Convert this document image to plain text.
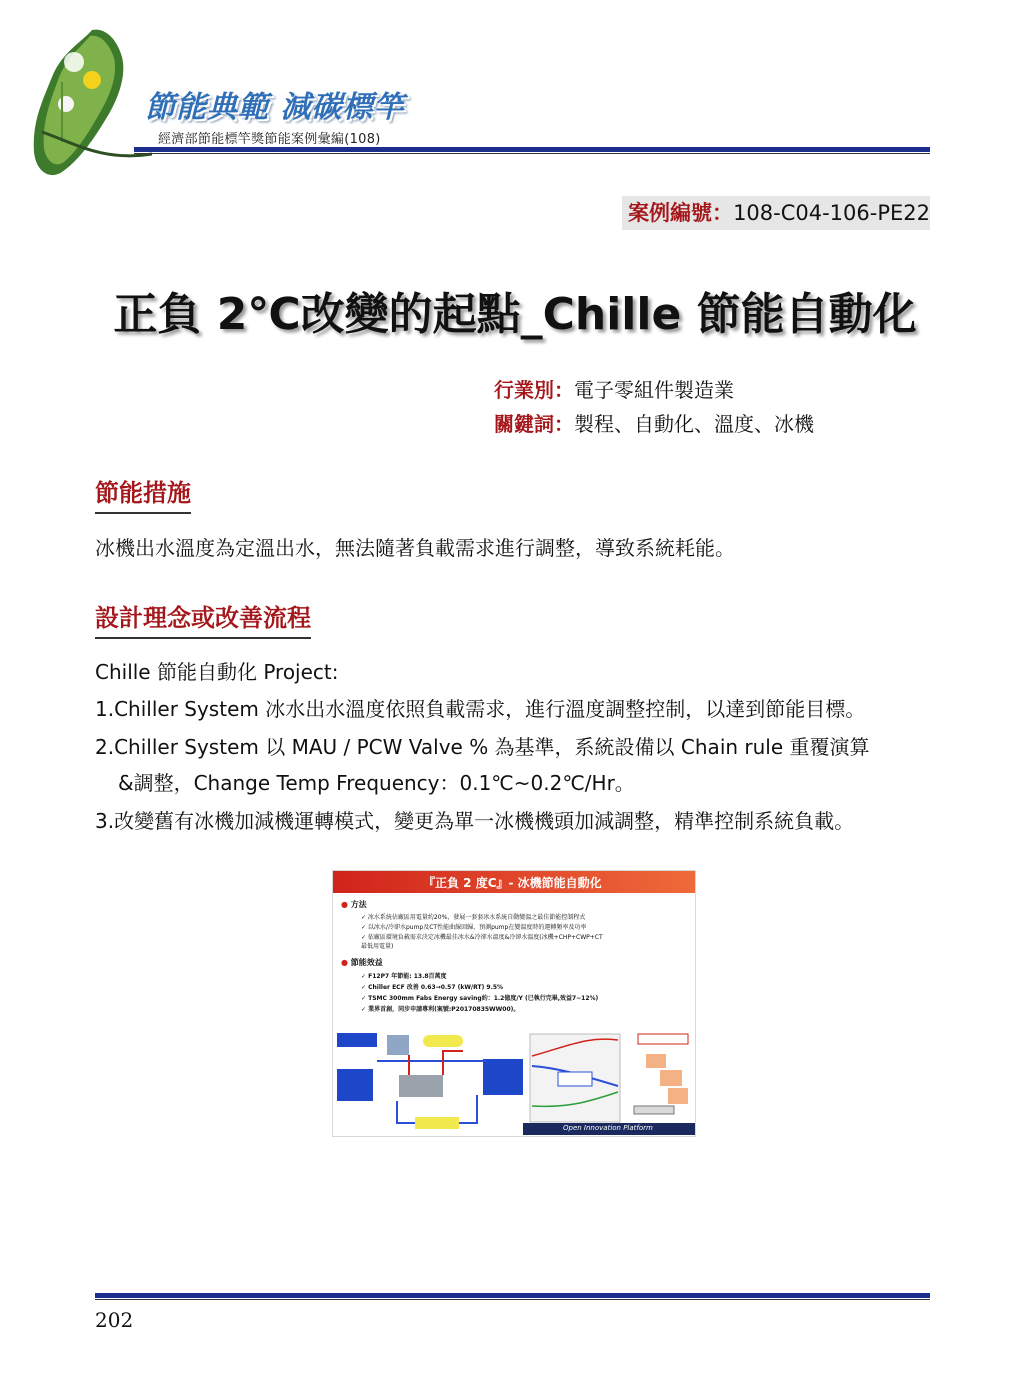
節能典範 減碳標竿
經濟部節能標竿獎節能案例彙編(108)
案例編號：108-C04-106-PE22
正負 2℃改變的起點_Chille 節能自動化
行業別：電子零組件製造業
關鍵詞：製程、自動化、溫度、冰機
節能措施
冰機出水溫度為定溫出水，無法隨著負載需求進行調整，導致系統耗能。
設計理念或改善流程
Chille 節能自動化 Project:
1.Chiller System 冰水出水溫度依照負載需求，進行溫度調整控制，以達到節能目標。
2.Chiller System 以 MAU / PCW Valve % 為基準，系統設備以 Chain rule 重覆演算
&調整，Change Temp Frequency：0.1℃~0.2℃/Hr。
3.改變舊有冰機加減機運轉模式，變更為單一冰機機頭加減調整，精準控制系統負載。
『正負 2 度C』- 冰機節能自動化
● 方法
✓ 冰水系統佔廠區用電量約20%，發展一套套冰水系統自動變溫之最佳節能控制程式
✓ 以冰水/冷卻水pump及CT性能曲線回歸，預測pump在變溫度時的運轉頻率及功率
✓ 依廠區環境負載需求決定冰機最佳冰水&冷卻水溫度&冷卻水溫度(冰機+CHP+CWP+CT
最低用電量)
● 節能效益
✓ F12P7 年節能: 13.8百萬度
✓ Chiller ECF 改善 0.63→0.57 (kW/RT) 9.5%
✓ TSMC 300mm Fabs Energy saving約：1.2億度/Y (已執行完畢,效益7~12%)
✓ 業界首創，同步申請專利(案號:P20170835WW00)。
Open Innovation Platform
202
